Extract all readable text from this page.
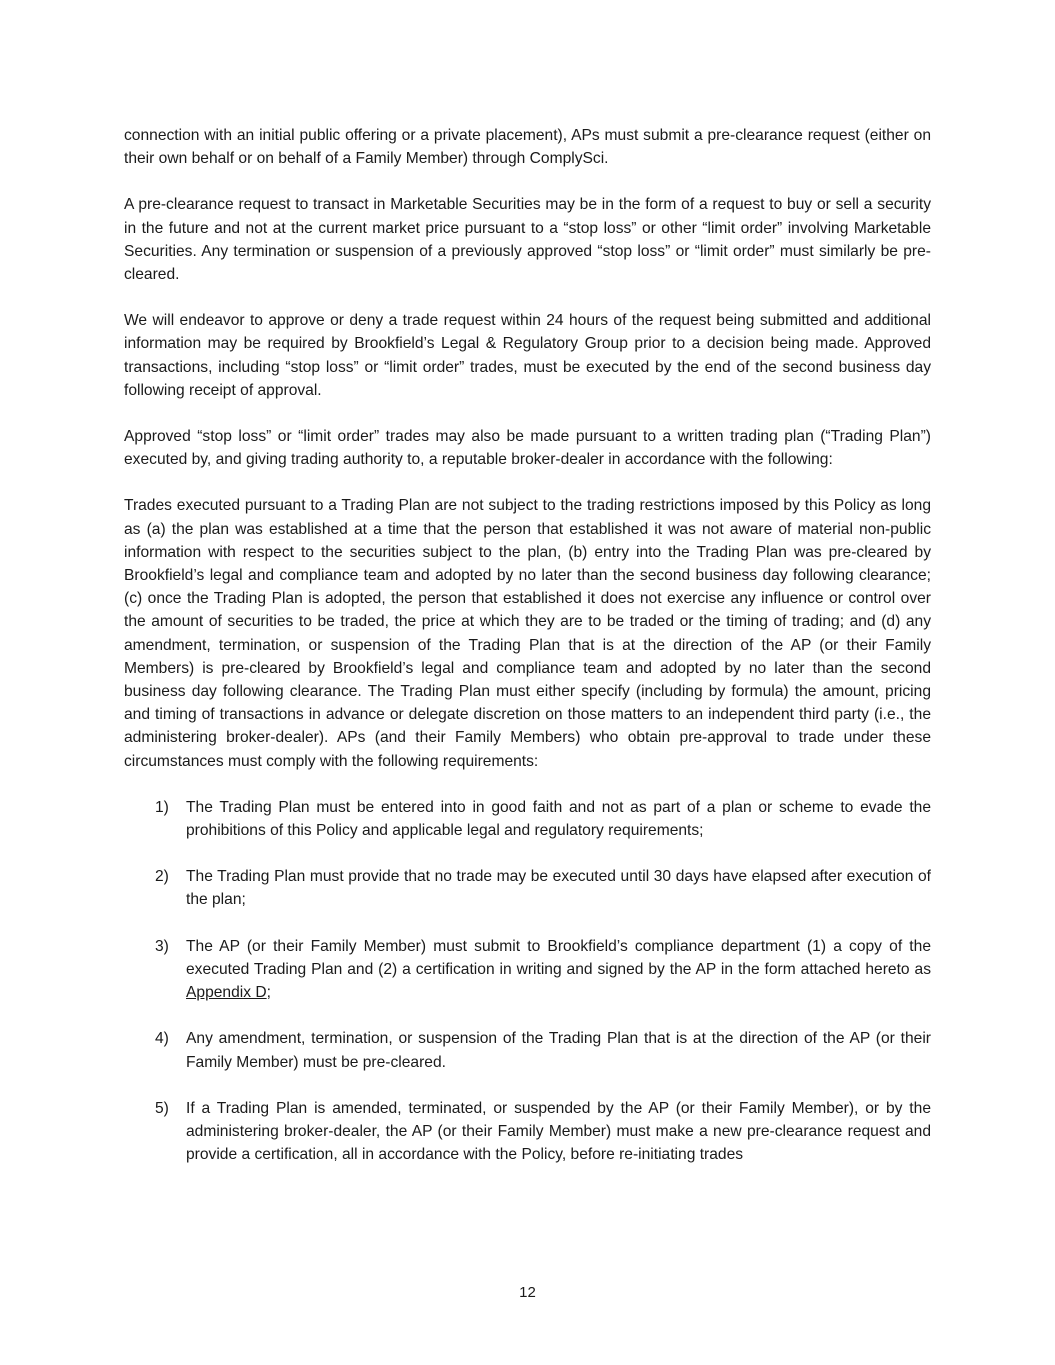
connection with an initial public offering or a private placement), APs must submit a pre-clearance request (either on their own behalf or on behalf of a Family Member) through ComplySci.

A pre-clearance request to transact in Marketable Securities may be in the form of a request to buy or sell a security in the future and not at the current market price pursuant to a “stop loss” or other “limit order” involving Marketable Securities. Any termination or suspension of a previously approved “stop loss” or “limit order” must similarly be pre-cleared.

We will endeavor to approve or deny a trade request within 24 hours of the request being submitted and additional information may be required by Brookfield’s Legal & Regulatory Group prior to a decision being made. Approved transactions, including “stop loss” or “limit order” trades, must be executed by the end of the second business day following receipt of approval.

Approved “stop loss” or “limit order” trades may also be made pursuant to a written trading plan (“Trading Plan”) executed by, and giving trading authority to, a reputable broker-dealer in accordance with the following:

Trades executed pursuant to a Trading Plan are not subject to the trading restrictions imposed by this Policy as long as (a) the plan was established at a time that the person that established it was not aware of material non-public information with respect to the securities subject to the plan, (b) entry into the Trading Plan was pre-cleared by Brookfield’s legal and compliance team and adopted by no later than the second business day following clearance; (c) once the Trading Plan is adopted, the person that established it does not exercise any influence or control over the amount of securities to be traded, the price at which they are to be traded or the timing of trading; and (d) any amendment, termination, or suspension of the Trading Plan that is at the direction of the AP (or their Family Members) is pre-cleared by Brookfield’s legal and compliance team and adopted by no later than the second business day following clearance. The Trading Plan must either specify (including by formula) the amount, pricing and timing of transactions in advance or delegate discretion on those matters to an independent third party (i.e., the administering broker-dealer). APs (and their Family Members) who obtain pre-approval to trade under these circumstances must comply with the following requirements:

1) The Trading Plan must be entered into in good faith and not as part of a plan or scheme to evade the prohibitions of this Policy and applicable legal and regulatory requirements;
2) The Trading Plan must provide that no trade may be executed until 30 days have elapsed after execution of the plan;
3) The AP (or their Family Member) must submit to Brookfield’s compliance department (1) a copy of the executed Trading Plan and (2) a certification in writing and signed by the AP in the form attached hereto as Appendix D;
4) Any amendment, termination, or suspension of the Trading Plan that is at the direction of the AP (or their Family Member) must be pre-cleared.
5) If a Trading Plan is amended, terminated, or suspended by the AP (or their Family Member), or by the administering broker-dealer, the AP (or their Family Member) must make a new pre-clearance request and provide a certification, all in accordance with the Policy, before re-initiating trades
12
